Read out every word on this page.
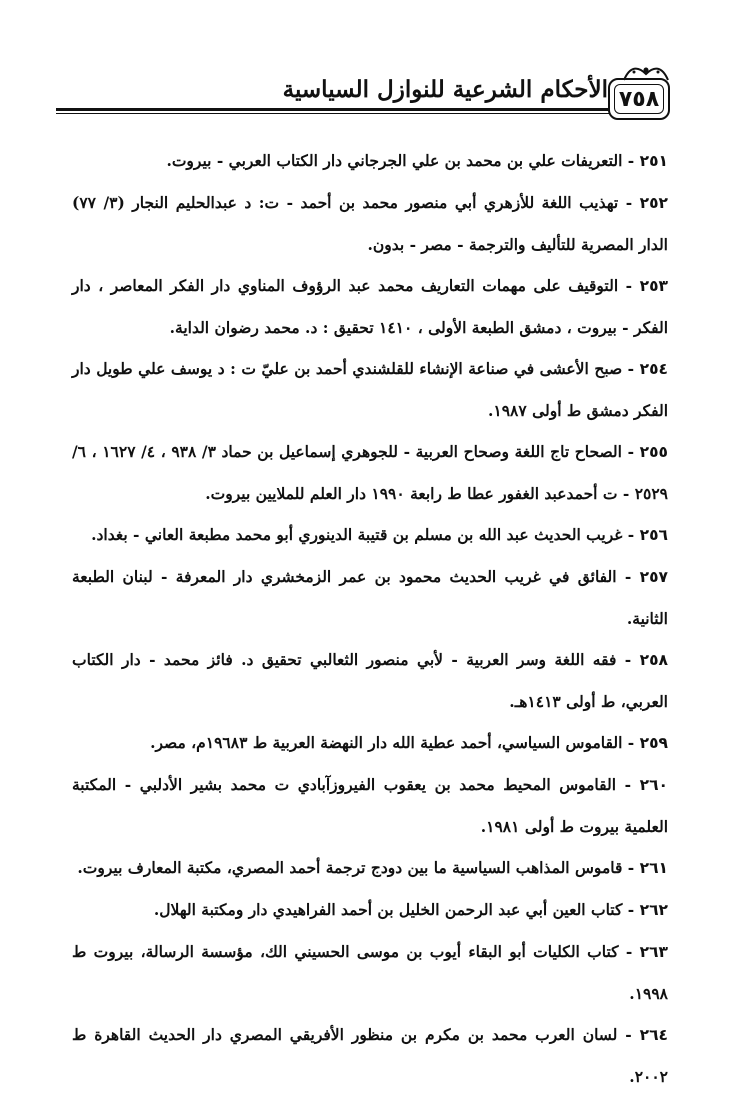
٧٥٨
الأحكام الشرعية للنوازل السياسية

٢٥١ - التعريفات علي بن محمد بن علي الجرجاني دار الكتاب العربي - بيروت.

٢٥٢ - تهذيب اللغة للأزهري أبي منصور محمد بن أحمد - ت: د عبدالحليم النجار (٣/ ٧٧) الدار المصرية للتأليف والترجمة - مصر - بدون.

٢٥٣ - التوقيف على مهمات التعاريف محمد عبد الرؤوف المناوي دار الفكر المعاصر ، دار الفكر - بيروت ، دمشق الطبعة الأولى ، ١٤١٠ تحقيق : د. محمد رضوان الداية.

٢٥٤ - صبح الأعشى في صناعة الإنشاء للقلشندي أحمد بن عليّ ت : د يوسف علي طويل دار الفكر دمشق ط أولى ١٩٨٧.

٢٥٥ - الصحاح تاج اللغة وصحاح العربية - للجوهري إسماعيل بن حماد ٣/ ٩٣٨ ، ٤/ ١٦٢٧ ، ٦/ ٢٥٢٩ - ت أحمدعبد الغفور عطا ط رابعة ١٩٩٠ دار العلم للملايين بيروت.

٢٥٦ - غريب الحديث عبد الله بن مسلم بن قتيبة الدينوري أبو محمد مطبعة العاني - بغداد.

٢٥٧ - الفائق في غريب الحديث محمود بن عمر الزمخشري دار المعرفة - لبنان الطبعة الثانية.

٢٥٨ - فقه اللغة وسر العربية - لأبي منصور الثعالبي تحقيق د. فائز محمد - دار الكتاب العربي، ط أولى ١٤١٣هـ.

٢٥٩ - القاموس السياسي، أحمد عطية الله دار النهضة العربية ط ١٩٦٨٣م، مصر.

٢٦٠ - القاموس المحيط محمد بن يعقوب الفيروزآبادي ت محمد بشير الأدلبي - المكتبة العلمية بيروت ط أولى ١٩٨١.

٢٦١ - قاموس المذاهب السياسية ما بين دودج ترجمة أحمد المصري، مكتبة المعارف بيروت.

٢٦٢ - كتاب العين أبي عبد الرحمن الخليل بن أحمد الفراهيدي دار ومكتبة الهلال.

٢٦٣ - كتاب الكليات أبو البقاء أيوب بن موسى الحسيني الك، مؤسسة الرسالة، بيروت ط ١٩٩٨.

٢٦٤ - لسان العرب محمد بن مكرم بن منظور الأفريقي المصري دار الحديث القاهرة ط ٢٠٠٢.
